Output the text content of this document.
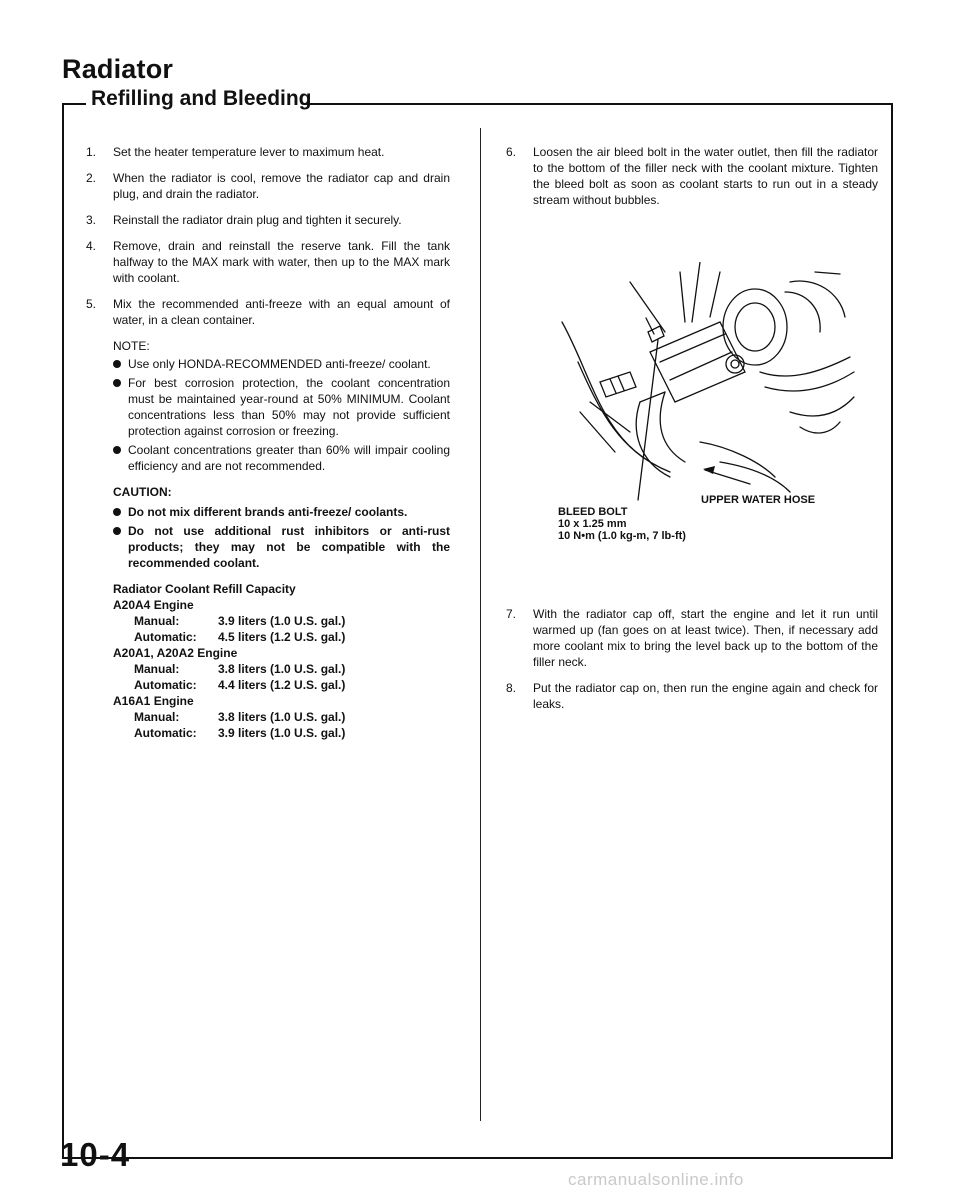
Radiator
Refilling and Bleeding
1. Set the heater temperature lever to maximum heat.
2. When the radiator is cool, remove the radiator cap and drain plug, and drain the radiator.
3. Reinstall the radiator drain plug and tighten it securely.
4. Remove, drain and reinstall the reserve tank. Fill the tank halfway to the MAX mark with water, then up to the MAX mark with coolant.
5. Mix the recommended anti-freeze with an equal amount of water, in a clean container.

NOTE:

Use only HONDA-RECOMMENDED anti-freeze/ coolant.
For best corrosion protection, the coolant concentration must be maintained year-round at 50% MINIMUM. Coolant concentrations less than 50% may not provide sufficient protection against corrosion or freezing.
Coolant concentrations greater than 60% will impair cooling efficiency and are not recommended.

CAUTION:

Do not mix different brands anti-freeze/ coolants.
Do not use additional rust inhibitors or anti-rust products; they may not be compatible with the recommended coolant.
Radiator Coolant Refill Capacity
A20A4 Engine
Manual:	3.9 liters (1.0 U.S. gal.)
Automatic: 4.5 liters (1.2 U.S. gal.)
A20A1, A20A2 Engine
Manual:	3.8 liters (1.0 U.S. gal.)
Automatic: 4.4 liters (1.2 U.S. gal.)
A16A1 Engine
Manual:	3.8 liters (1.0 U.S. gal.)
Automatic: 3.9 liters (1.0 U.S. gal.)
6. Loosen the air bleed bolt in the water outlet, then fill the radiator to the bottom of the filler neck with the coolant mixture. Tighten the bleed bolt as soon as coolant starts to run out in a steady stream without bubbles.
7. With the radiator cap off, start the engine and let it run until warmed up (fan goes on at least twice). Then, if necessary add more coolant mix to bring the level back up to the bottom of the filler neck.
8. Put the radiator cap on, then run the engine again and check for leaks.
UPPER WATER HOSE
BLEED BOLT
10 x 1.25 mm
10 N•m (1.0 kg-m, 7 lb-ft)
10-4
carmanualsonline.info
